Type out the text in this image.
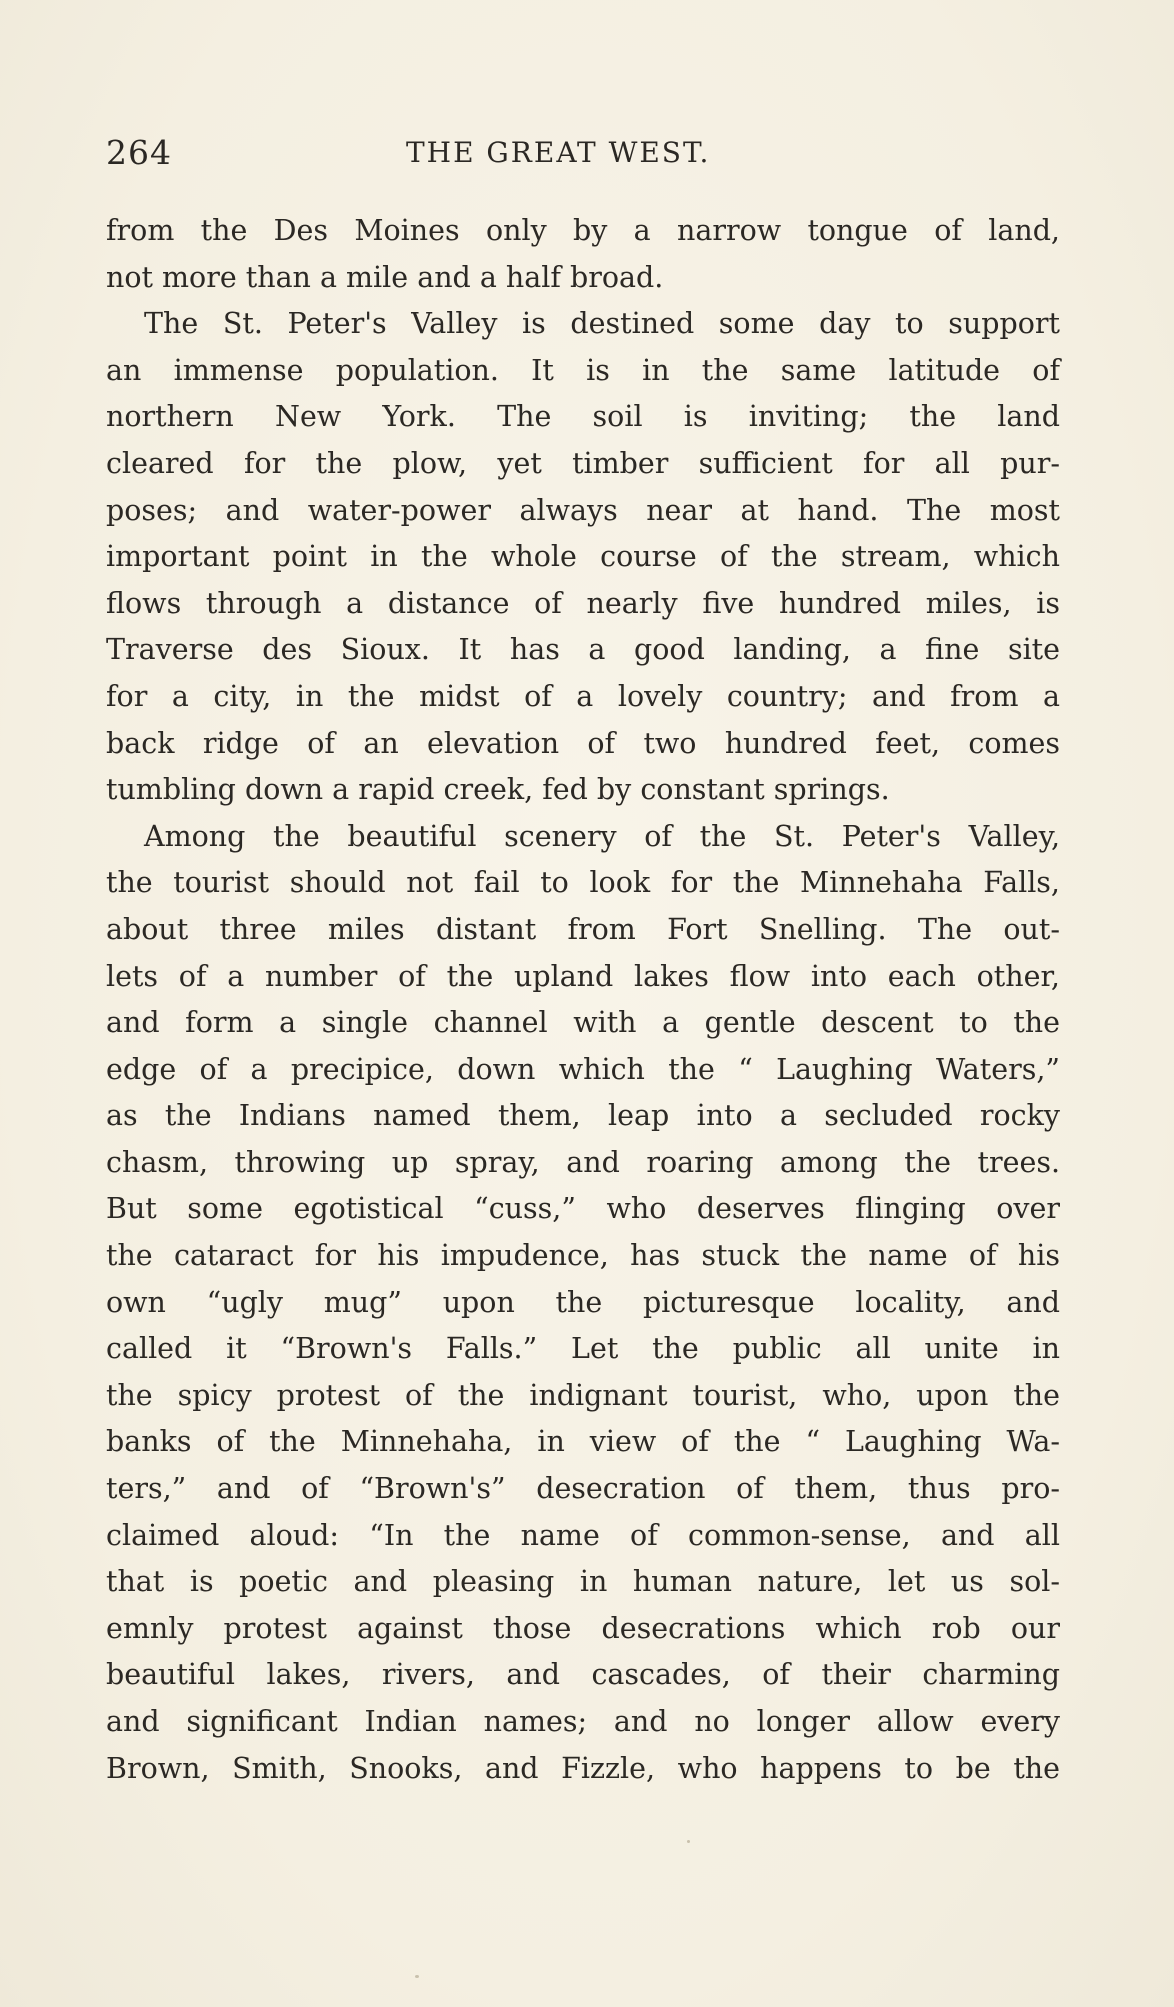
264	THE GREAT WEST.
from the Des Moines only by a narrow tongue of land,
not more than a mile and a half broad.
The St. Peter's Valley is destined some day to support
an immense population. It is in the same latitude of
northern New York. The soil is inviting; the land
cleared for the plow, yet timber sufficient for all pur-
poses; and water-power always near at hand. The most
important point in the whole course of the stream, which
flows through a distance of nearly five hundred miles, is
Traverse des Sioux. It has a good landing, a fine site
for a city, in the midst of a lovely country; and from a
back ridge of an elevation of two hundred feet, comes
tumbling down a rapid creek, fed by constant springs.
Among the beautiful scenery of the St. Peter's Valley,
the tourist should not fail to look for the Minnehaha Falls,
about three miles distant from Fort Snelling. The out-
lets of a number of the upland lakes flow into each other,
and form a single channel with a gentle descent to the
edge of a precipice, down which the “ Laughing Waters,”
as the Indians named them, leap into a secluded rocky
chasm, throwing up spray, and roaring among the trees.
But some egotistical “cuss,” who deserves flinging over
the cataract for his impudence, has stuck the name of his
own “ugly mug” upon the picturesque locality, and
called it “Brown's Falls.” Let the public all unite in
the spicy protest of the indignant tourist, who, upon the
banks of the Minnehaha, in view of the “ Laughing Wa-
ters,” and of “Brown's” desecration of them, thus pro-
claimed aloud: “In the name of common-sense, and all
that is poetic and pleasing in human nature, let us sol-
emnly protest against those desecrations which rob our
beautiful lakes, rivers, and cascades, of their charming
and significant Indian names; and no longer allow every
Brown, Smith, Snooks, and Fizzle, who happens to be the
